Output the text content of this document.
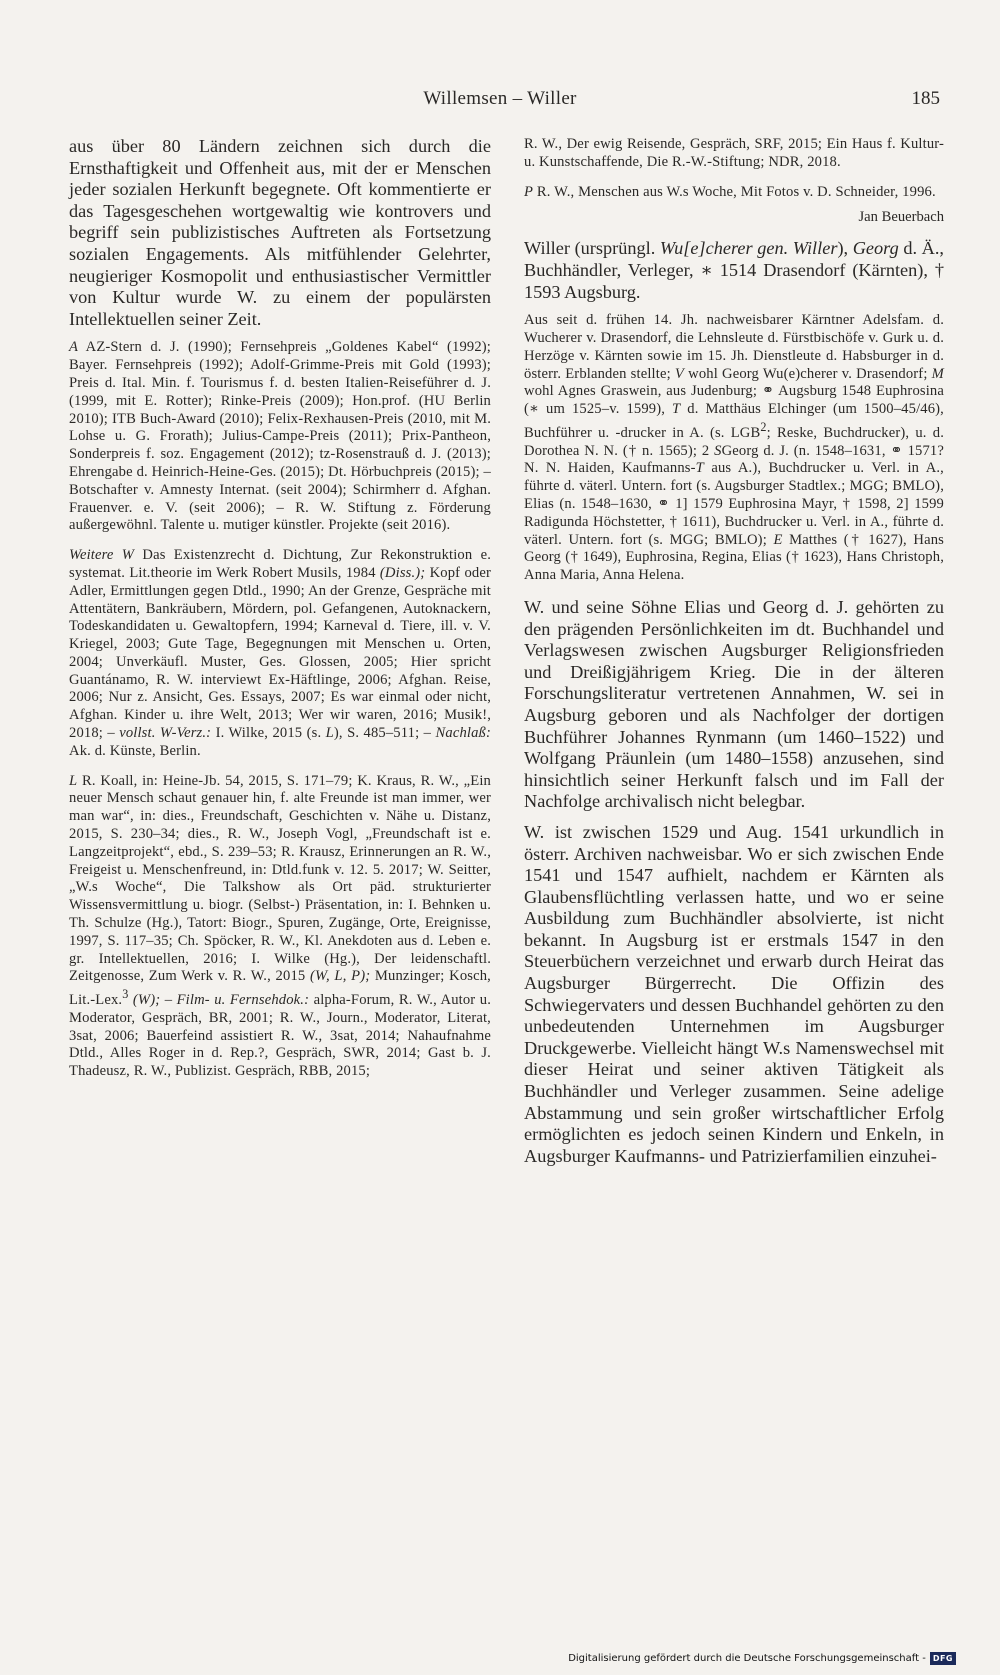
Willemsen – Willer	185

aus über 80 Ländern zeichnen sich durch die Ernsthaftigkeit und Offenheit aus, mit der er Menschen jeder sozialen Herkunft begegnete. Oft kommentierte er das Tagesgeschehen wortgewaltig wie kontrovers und begriff sein publizistisches Auftreten als Fortsetzung sozialen Engagements. Als mitfühlender Gelehrter, neugieriger Kosmopolit und enthusiastischer Vermittler von Kultur wurde W. zu einem der populärsten Intellektuellen seiner Zeit.

A AZ-Stern d. J. (1990); Fernsehpreis „Goldenes Kabel“ (1992); Bayer. Fernsehpreis (1992); Adolf-Grimme-Preis mit Gold (1993); Preis d. Ital. Min. f. Tourismus f. d. besten Italien-Reiseführer d. J. (1999, mit E. Rotter); Rinke-Preis (2009); Hon.prof. (HU Berlin 2010); ITB Buch-Award (2010); Felix-Rexhausen-Preis (2010, mit M. Lohse u. G. Frorath); Julius-Campe-Preis (2011); Prix-Pantheon, Sonderpreis f. soz. Engagement (2012); tz-Rosenstrauß d. J. (2013); Ehrengabe d. Heinrich-Heine-Ges. (2015); Dt. Hörbuchpreis (2015); – Botschafter v. Amnesty Internat. (seit 2004); Schirmherr d. Afghan. Frauenver. e. V. (seit 2006); – R. W. Stiftung z. Förderung außergewöhnl. Talente u. mutiger künstler. Projekte (seit 2016).

Weitere W Das Existenzrecht d. Dichtung, Zur Rekonstruktion e. systemat. Lit.theorie im Werk Robert Musils, 1984 (Diss.); Kopf oder Adler, Ermittlungen gegen Dtld., 1990; An der Grenze, Gespräche mit Attentätern, Bankräubern, Mördern, pol. Gefangenen, Autoknackern, Todeskandidaten u. Gewaltopfern, 1994; Karneval d. Tiere, ill. v. V. Kriegel, 2003; Gute Tage, Begegnungen mit Menschen u. Orten, 2004; Unverkäufl. Muster, Ges. Glossen, 2005; Hier spricht Guantánamo, R. W. interviewt Ex-Häftlinge, 2006; Afghan. Reise, 2006; Nur z. Ansicht, Ges. Essays, 2007; Es war einmal oder nicht, Afghan. Kinder u. ihre Welt, 2013; Wer wir waren, 2016; Musik!, 2018; – vollst. W-Verz.: I. Wilke, 2015 (s. L), S. 485–511; – Nachlaß: Ak. d. Künste, Berlin.

L R. Koall, in: Heine-Jb. 54, 2015, S. 171–79; K. Kraus, R. W., „Ein neuer Mensch schaut genauer hin, f. alte Freunde ist man immer, wer man war“, in: dies., Freundschaft, Geschichten v. Nähe u. Distanz, 2015, S. 230–34; dies., R. W., Joseph Vogl, „Freundschaft ist e. Langzeitprojekt“, ebd., S. 239–53; R. Krausz, Erinnerungen an R. W., Freigeist u. Menschenfreund, in: Dtld.funk v. 12. 5. 2017; W. Seitter, „W.s Woche“, Die Talkshow als Ort päd. strukturierter Wissensvermittlung u. biogr. (Selbst-) Präsentation, in: I. Behnken u. Th. Schulze (Hg.), Tatort: Biogr., Spuren, Zugänge, Orte, Ereignisse, 1997, S. 117–35; Ch. Spöcker, R. W., Kl. Anekdoten aus d. Leben e. gr. Intellektuellen, 2016; I. Wilke (Hg.), Der leidenschaftl. Zeitgenosse, Zum Werk v. R. W., 2015 (W, L, P); Munzinger; Kosch, Lit.-Lex.$^3$ (W); – Film- u. Fernsehdok.: alpha-Forum, R. W., Autor u. Moderator, Gespräch, BR, 2001; R. W., Journ., Moderator, Literat, 3sat, 2006; Bauerfeind assistiert R. W., 3sat, 2014; Nahaufnahme Dtld., Alles Roger in d. Rep.?, Gespräch, SWR, 2014; Gast b. J. Thadeusz, R. W., Publizist. Gespräch, RBB, 2015;

R. W., Der ewig Reisende, Gespräch, SRF, 2015; Ein Haus f. Kultur- u. Kunstschaffende, Die R.-W.-Stiftung; NDR, 2018.

P R. W., Menschen aus W.s Woche, Mit Fotos v. D. Schneider, 1996.

Jan Beuerbach

Willer (ursprüngl. Wu[e]cherer gen. Willer), Georg d. Ä., Buchhändler, Verleger, ∗ 1514 Drasendorf (Kärnten), † 1593 Augsburg.

Aus seit d. frühen 14. Jh. nachweisbarer Kärntner Adelsfam. d. Wucherer v. Drasendorf, die Lehnsleute d. Fürstbischöfe v. Gurk u. d. Herzöge v. Kärnten sowie im 15. Jh. Dienstleute d. Habsburger in d. österr. Erblanden stellte; V wohl Georg Wu(e)cherer v. Drasendorf; M wohl Agnes Graswein, aus Judenburg; ⚭ Augsburg 1548 Euphrosina (∗ um 1525–v. 1599), T d. Matthäus Elchinger (um 1500–45/46), Buchführer u. -drucker in A. (s. LGB$^2$; Reske, Buchdrucker), u. d. Dorothea N. N. († n. 1565); 2 SGeorg d. J. (n. 1548–1631, ⚭ 1571? N. N. Haiden, Kaufmanns-T aus A.), Buchdrucker u. Verl. in A., führte d. väterl. Untern. fort (s. Augsburger Stadtlex.; MGG; BMLO), Elias (n. 1548–1630, ⚭ 1] 1579 Euphrosina Mayr, † 1598, 2] 1599 Radigunda Höchstetter, † 1611), Buchdrucker u. Verl. in A., führte d. väterl. Untern. fort (s. MGG; BMLO); E Matthes († 1627), Hans Georg († 1649), Euphrosina, Regina, Elias († 1623), Hans Christoph, Anna Maria, Anna Helena.

W. und seine Söhne Elias und Georg d. J. gehörten zu den prägenden Persönlichkeiten im dt. Buchhandel und Verlagswesen zwischen Augsburger Religionsfrieden und Dreißigjährigem Krieg. Die in der älteren Forschungsliteratur vertretenen Annahmen, W. sei in Augsburg geboren und als Nachfolger der dortigen Buchführer Johannes Rynmann (um 1460–1522) und Wolfgang Präunlein (um 1480–1558) anzusehen, sind hinsichtlich seiner Herkunft falsch und im Fall der Nachfolge archivalisch nicht belegbar.

W. ist zwischen 1529 und Aug. 1541 urkundlich in österr. Archiven nachweisbar. Wo er sich zwischen Ende 1541 und 1547 aufhielt, nachdem er Kärnten als Glaubensflüchtling verlassen hatte, und wo er seine Ausbildung zum Buchhändler absolvierte, ist nicht bekannt. In Augsburg ist er erstmals 1547 in den Steuerbüchern verzeichnet und erwarb durch Heirat das Augsburger Bürgerrecht. Die Offizin des Schwiegervaters und dessen Buchhandel gehörten zu den unbedeutenden Unternehmen im Augsburger Druckgewerbe. Vielleicht hängt W.s Namenswechsel mit dieser Heirat und seiner aktiven Tätigkeit als Buchhändler und Verleger zusammen. Seine adelige Abstammung und sein großer wirtschaftlicher Erfolg ermöglichten es jedoch seinen Kindern und Enkeln, in Augsburger Kaufmanns- und Patrizierfamilien einzuhei-

Digitalisierung gefördert durch die Deutsche Forschungsgemeinschaft - DFG
